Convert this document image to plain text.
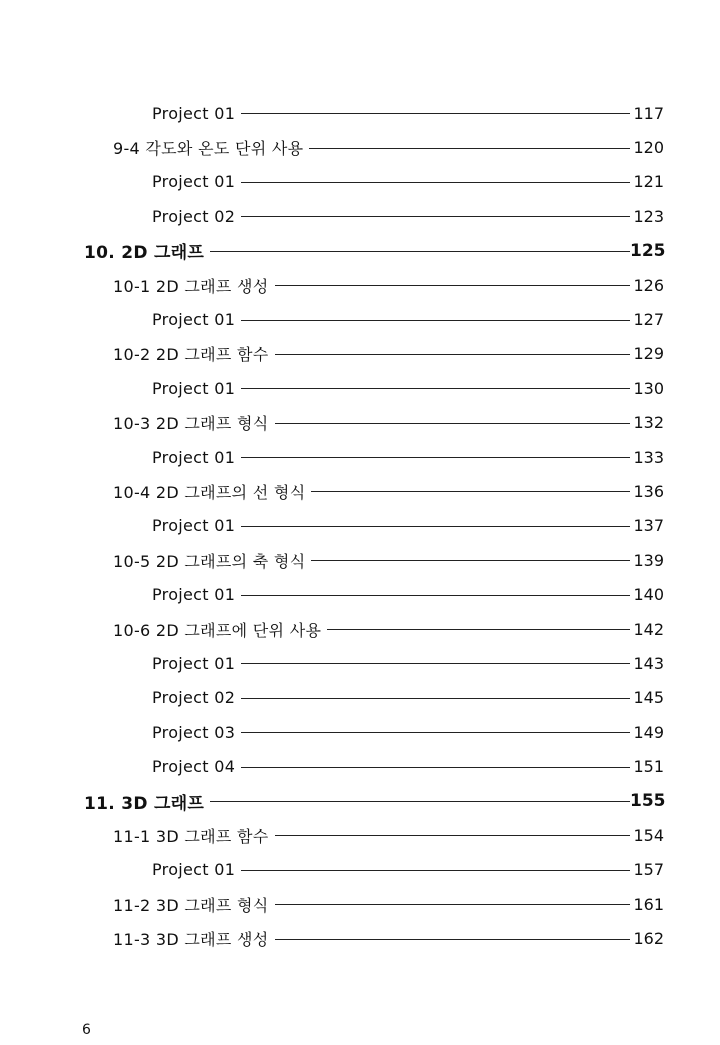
Project 01	117
9-4 각도와 온도 단위 사용	120
Project 01	121
Project 02	123
10. 2D 그래프	125
10-1 2D 그래프 생성	126
Project 01	127
10-2 2D 그래프 함수	129
Project 01	130
10-3 2D 그래프 형식	132
Project 01	133
10-4 2D 그래프의 선 형식	136
Project 01	137
10-5 2D 그래프의 축 형식	139
Project 01	140
10-6 2D 그래프에 단위 사용	142
Project 01	143
Project 02	145
Project 03	149
Project 04	151
11. 3D 그래프	155
11-1 3D 그래프 함수	154
Project 01	157
11-2 3D 그래프 형식	161
11-3 3D 그래프 생성	162
6
